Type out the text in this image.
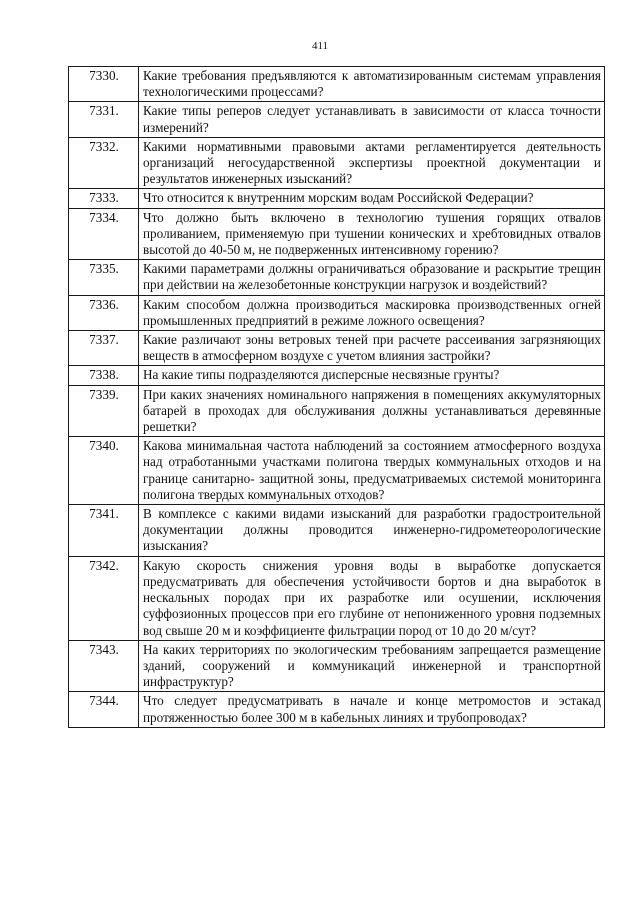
411
7330.	Какие требования предъявляются к автоматизированным системам управления технологическими процессами?
7331.	Какие типы реперов следует устанавливать в зависимости от класса точности измерений?
7332.	Какими нормативными правовыми актами регламентируется деятельность организаций негосударственной экспертизы проектной документации и результатов инженерных изысканий?
7333.	Что относится к внутренним морским водам Российской Федерации?
7334.	Что должно быть включено в технологию тушения горящих отвалов проливанием, применяемую при тушении конических и хребтовидных отвалов высотой до 40-50 м, не подверженных интенсивному горению?
7335.	Какими параметрами должны ограничиваться образование и раскрытие трещин при действии на железобетонные конструкции нагрузок и воздействий?
7336.	Каким способом должна производиться маскировка производственных огней промышленных предприятий в режиме ложного освещения?
7337.	Какие различают зоны ветровых теней при расчете рассеивания загрязняющих веществ в атмосферном воздухе с учетом влияния застройки?
7338.	На какие типы подразделяются дисперсные несвязные грунты?
7339.	При каких значениях номинального напряжения в помещениях аккумуляторных батарей в проходах для обслуживания должны устанавливаться деревянные решетки?
7340.	Какова минимальная частота наблюдений за состоянием атмосферного воздуха над отработанными участками полигона твердых коммунальных отходов и на границе санитарно- защитной зоны, предусматриваемых системой мониторинга полигона твердых коммунальных отходов?
7341.	В комплексе с какими видами изысканий для разработки градостроительной документации должны проводится инженерно-гидрометеорологические изыскания?
7342.	Какую скорость снижения уровня воды в выработке допускается предусматривать для обеспечения устойчивости бортов и дна выработок в нескальных породах при их разработке или осушении, исключения суффозионных процессов при его глубине от непониженного уровня подземных вод свыше 20 м и коэффициенте фильтрации пород от 10 до 20 м/сут?
7343.	На каких территориях по экологическим требованиям запрещается размещение зданий, сооружений и коммуникаций инженерной и транспортной инфраструктур?
7344.	Что следует предусматривать в начале и конце метромостов и эстакад протяженностью более 300 м в кабельных линиях и трубопроводах?
